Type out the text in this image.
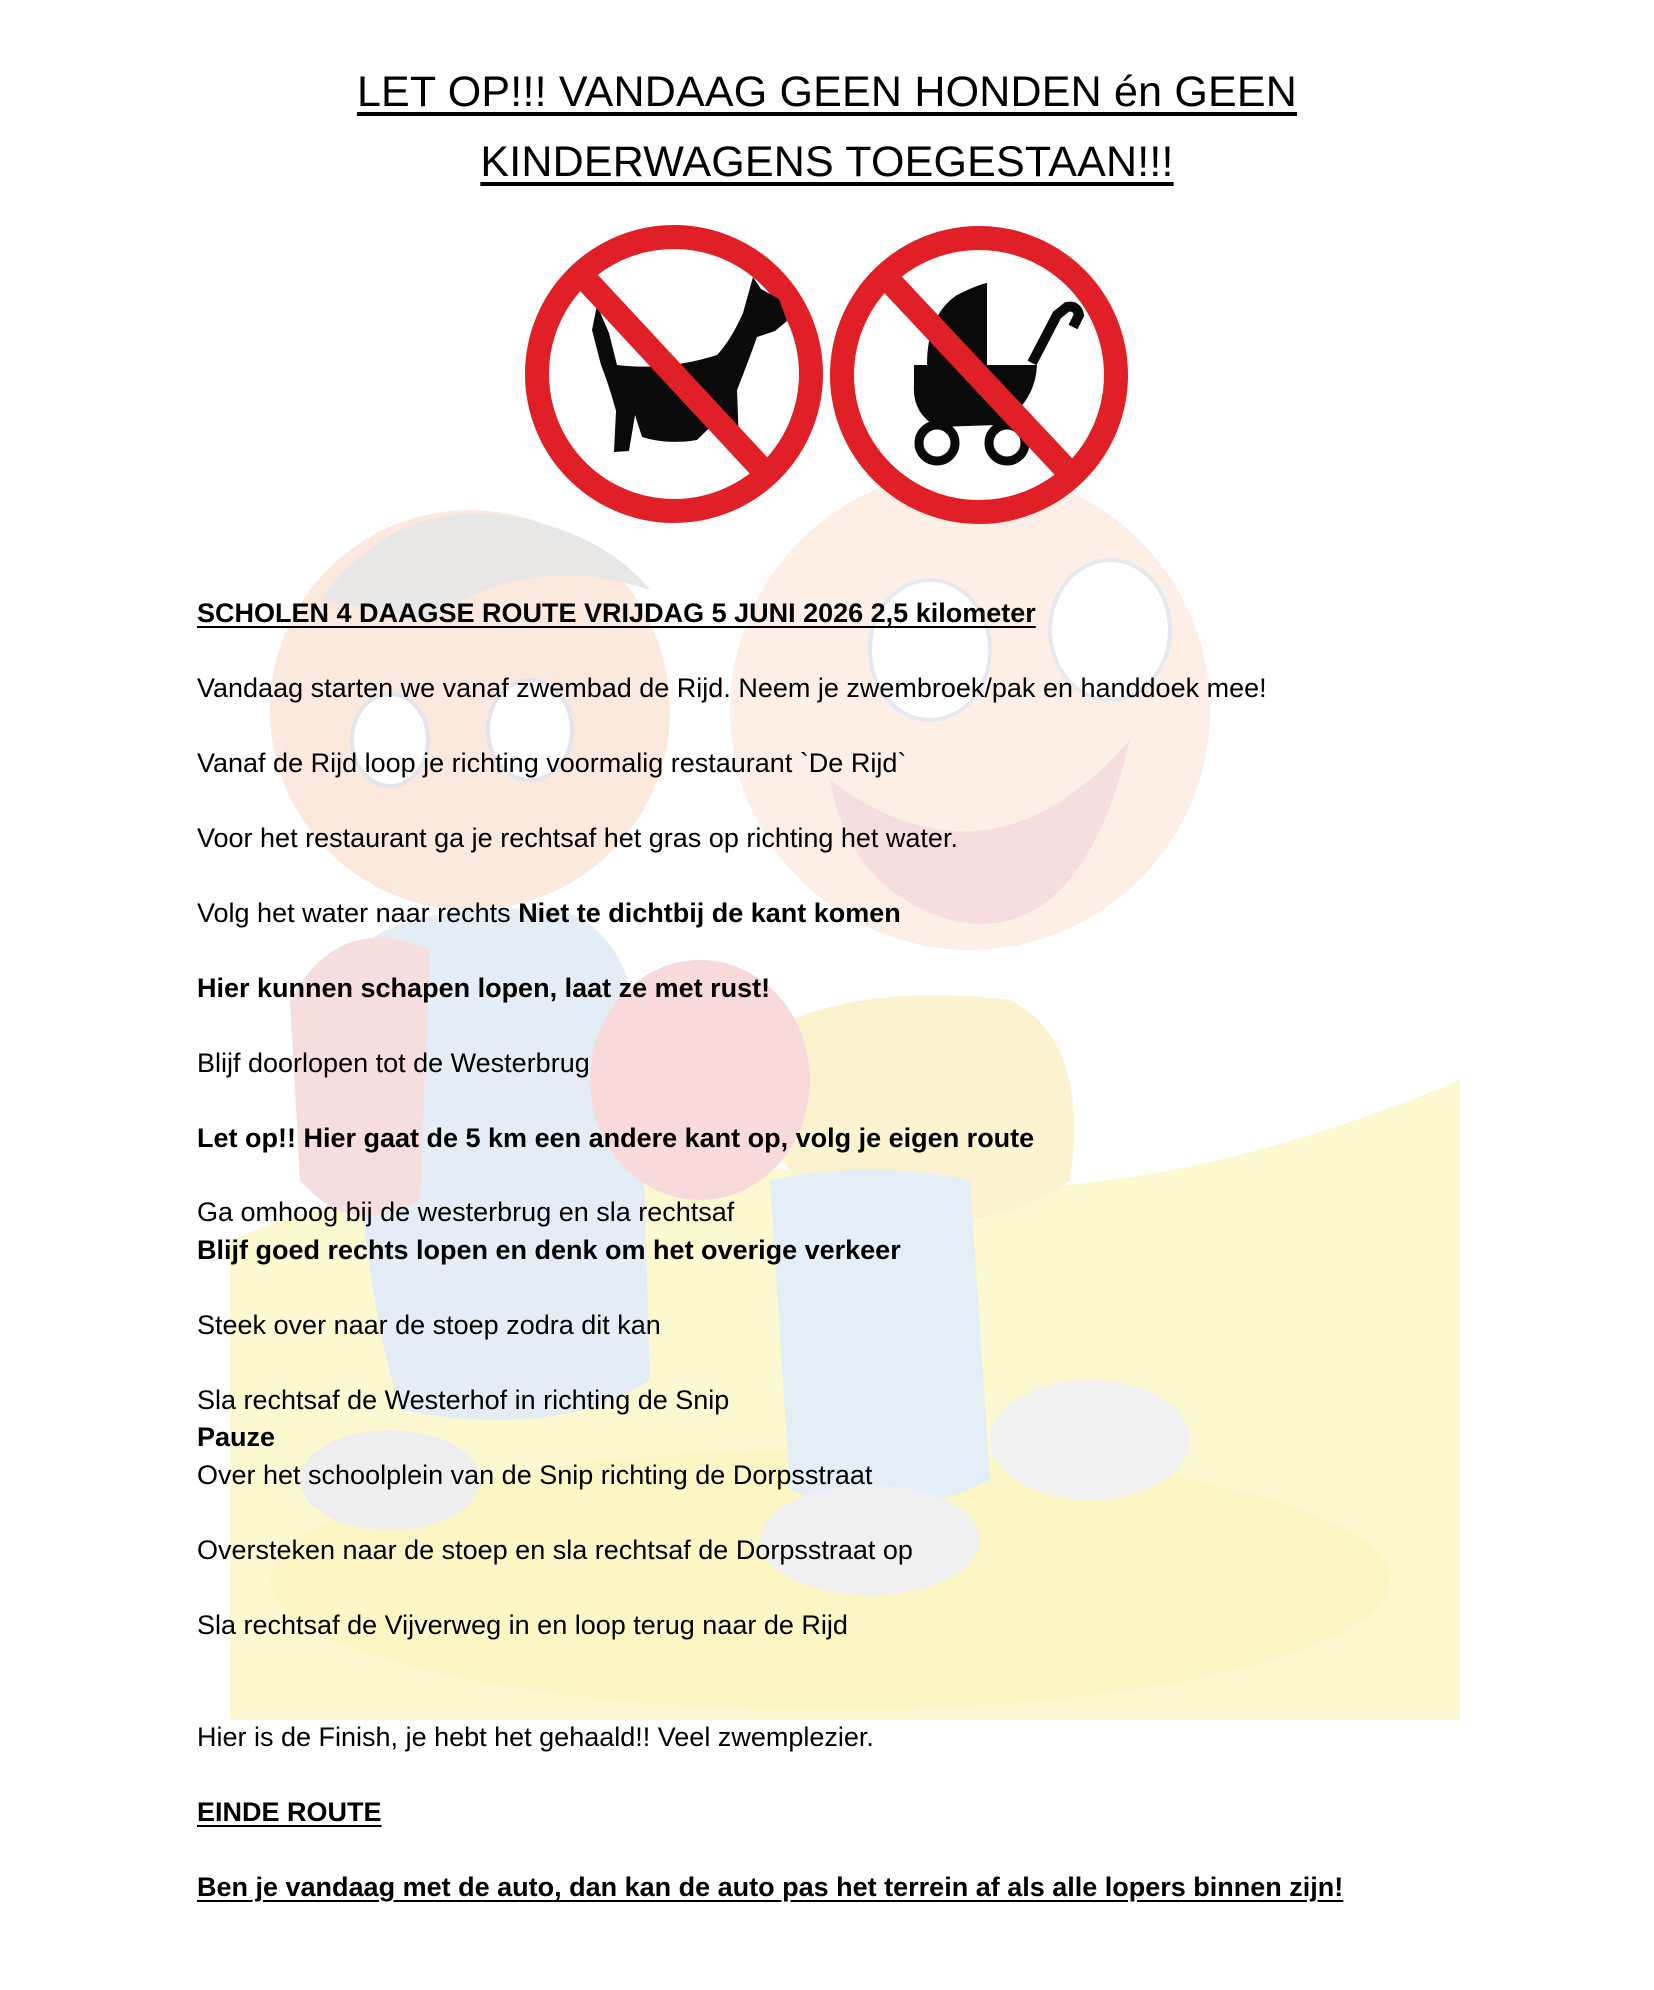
LET OP!!! VANDAAG GEEN HONDEN én GEEN
KINDERWAGENS TOEGESTAAN!!!
SCHOLEN 4 DAAGSE ROUTE VRIJDAG 5 JUNI 2026 2,5 kilometer
Vandaag starten we vanaf zwembad de Rijd. Neem je zwembroek/pak en handdoek mee!
Vanaf de Rijd loop je richting voormalig restaurant `De Rijd`
Voor het restaurant ga je rechtsaf het gras op richting het water.
Volg het water naar rechts Niet te dichtbij de kant komen
Hier kunnen schapen lopen, laat ze met rust!
Blijf doorlopen tot de Westerbrug
Let op!! Hier gaat de 5 km een andere kant op, volg je eigen route
Ga omhoog bij de westerbrug en sla rechtsaf
Blijf goed rechts lopen en denk om het overige verkeer
Steek over naar de stoep zodra dit kan
Sla rechtsaf de Westerhof in richting de Snip
Pauze
Over het schoolplein van de Snip richting de Dorpsstraat
Oversteken naar de stoep en sla rechtsaf de Dorpsstraat op
Sla rechtsaf de Vijverweg in en loop terug naar de Rijd
Hier is de Finish, je hebt het gehaald!! Veel zwemplezier.
EINDE ROUTE
Ben je vandaag met de auto, dan kan de auto pas het terrein af als alle lopers binnen zijn!
